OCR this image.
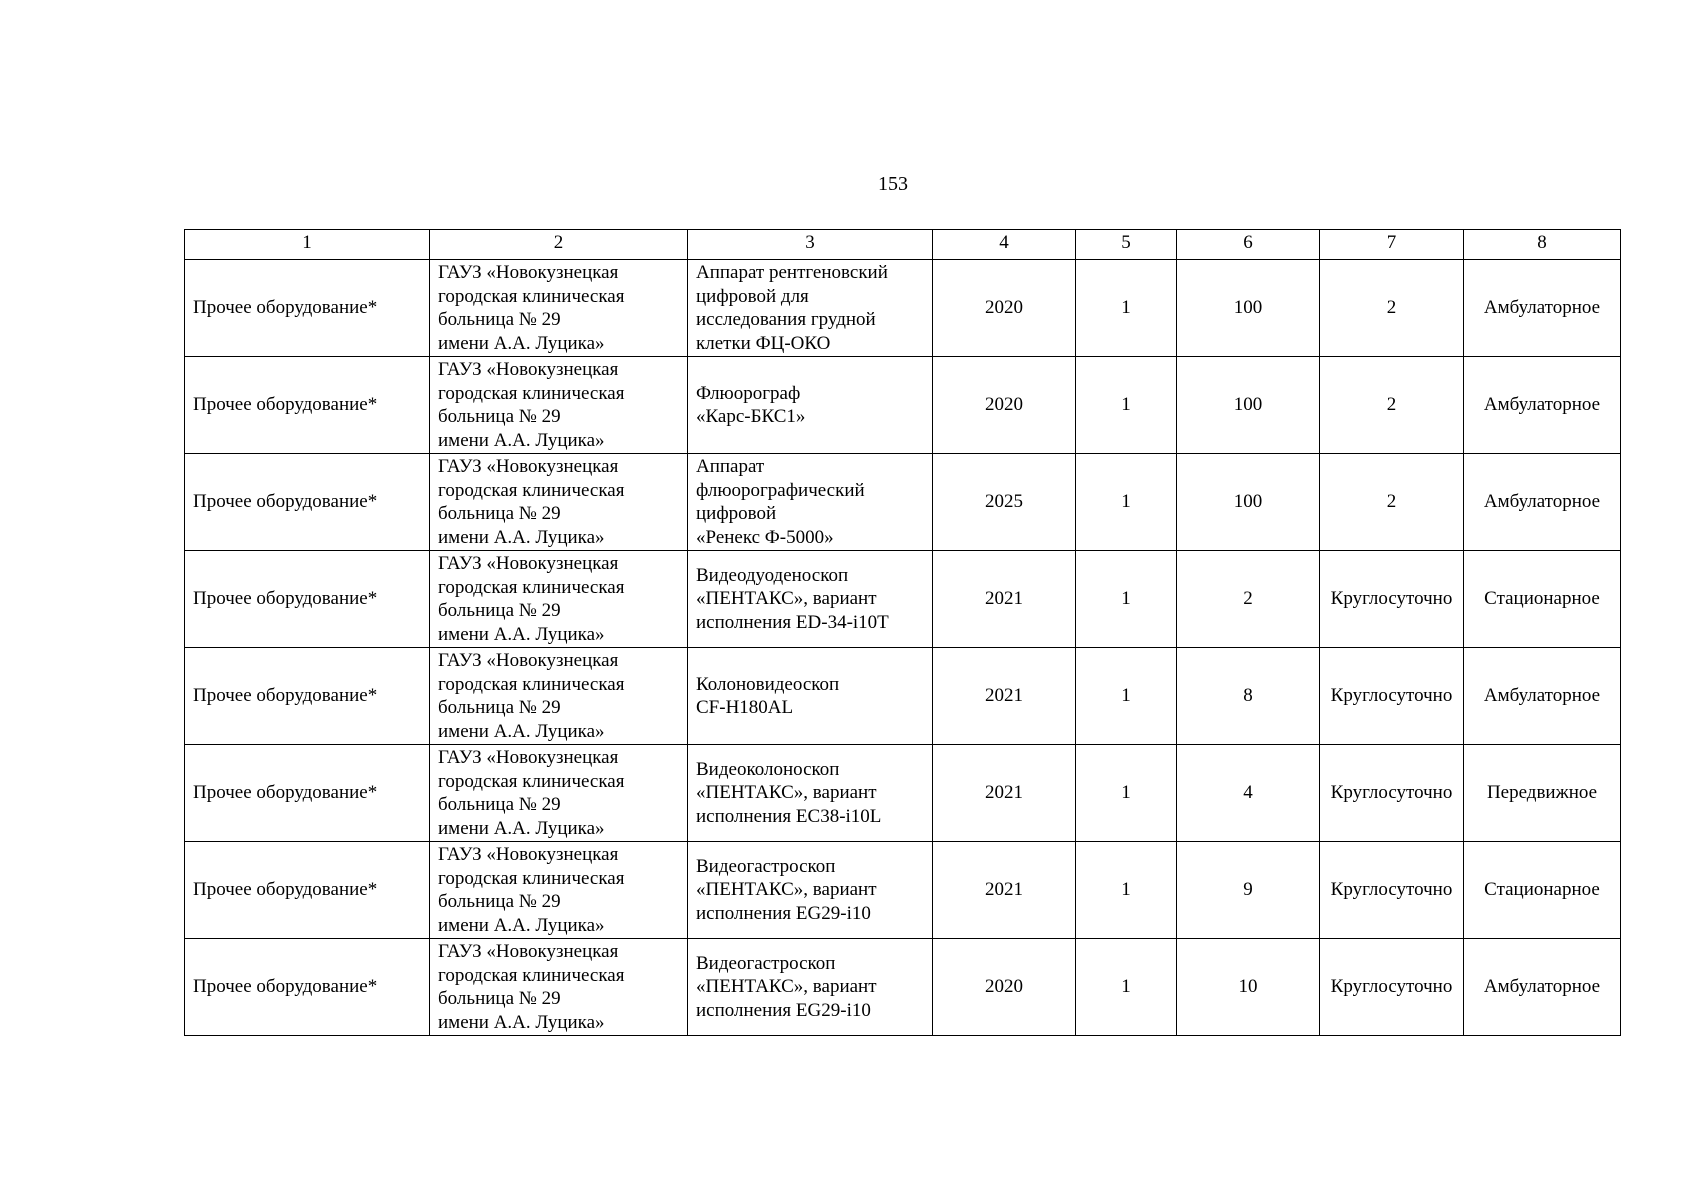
153
1	2	3	4	5	6	7	8
Прочее оборудование*	ГАУЗ «Новокузнецкая
городская клиническая
больница № 29
имени А.А. Луцика»	Аппарат рентгеновский
цифровой для
исследования грудной
клетки ФЦ-ОКО	2020	1	100	2	Амбулаторное
Прочее оборудование*	ГАУЗ «Новокузнецкая
городская клиническая
больница № 29
имени А.А. Луцика»	Флюорограф
«Карс-БКС1»	2020	1	100	2	Амбулаторное
Прочее оборудование*	ГАУЗ «Новокузнецкая
городская клиническая
больница № 29
имени А.А. Луцика»	Аппарат
флюорографический
цифровой
«Ренекс Ф-5000»	2025	1	100	2	Амбулаторное
Прочее оборудование*	ГАУЗ «Новокузнецкая
городская клиническая
больница № 29
имени А.А. Луцика»	Видеодуоденоскоп
«ПЕНТАКС», вариант
исполнения ED-34-i10T	2021	1	2	Круглосуточно	Стационарное
Прочее оборудование*	ГАУЗ «Новокузнецкая
городская клиническая
больница № 29
имени А.А. Луцика»	Колоновидеоскоп
CF-H180AL	2021	1	8	Круглосуточно	Амбулаторное
Прочее оборудование*	ГАУЗ «Новокузнецкая
городская клиническая
больница № 29
имени А.А. Луцика»	Видеоколоноскоп
«ПЕНТАКС», вариант
исполнения EC38-i10L	2021	1	4	Круглосуточно	Передвижное
Прочее оборудование*	ГАУЗ «Новокузнецкая
городская клиническая
больница № 29
имени А.А. Луцика»	Видеогастроскоп
«ПЕНТАКС», вариант
исполнения EG29-i10	2021	1	9	Круглосуточно	Стационарное
Прочее оборудование*	ГАУЗ «Новокузнецкая
городская клиническая
больница № 29
имени А.А. Луцика»	Видеогастроскоп
«ПЕНТАКС», вариант
исполнения EG29-i10	2020	1	10	Круглосуточно	Амбулаторное
